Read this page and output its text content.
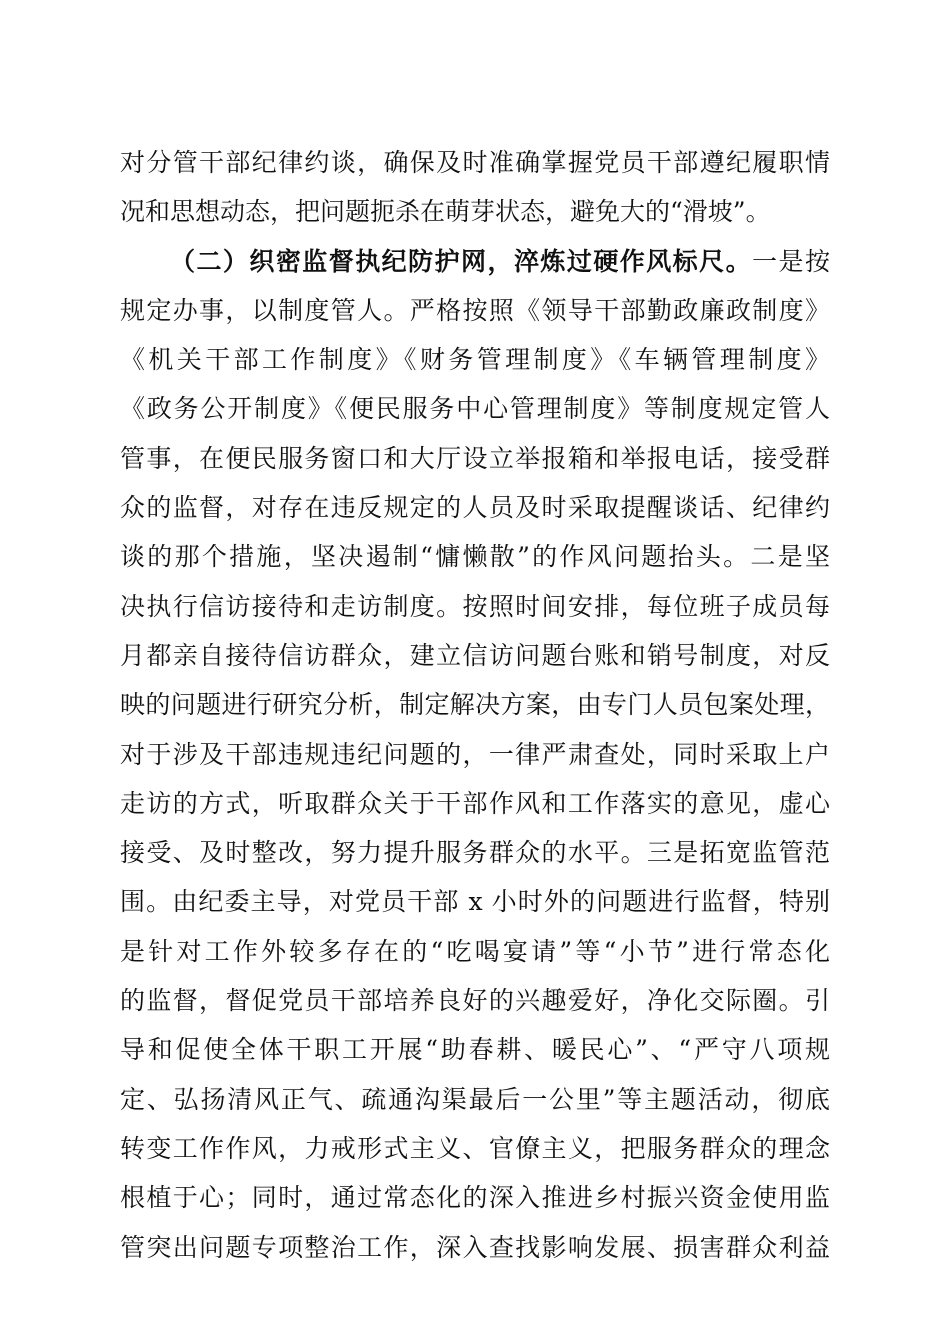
对分管干部纪律约谈，确保及时准确掌握党员干部遵纪履职情
况和思想动态，把问题扼杀在萌芽状态，避免大的“滑坡”。
（二）织密监督执纪防护网，淬炼过硬作风标尺。一是按
规定办事，以制度管人。严格按照《领导干部勤政廉政制度》
《机关干部工作制度》《财务管理制度》《车辆管理制度》
《政务公开制度》《便民服务中心管理制度》等制度规定管人
管事，在便民服务窗口和大厅设立举报箱和举报电话，接受群
众的监督，对存在违反规定的人员及时采取提醒谈话、纪律约
谈的那个措施，坚决遏制“慵懒散”的作风问题抬头。二是坚
决执行信访接待和走访制度。按照时间安排，每位班子成员每
月都亲自接待信访群众，建立信访问题台账和销号制度，对反
映的问题进行研究分析，制定解决方案，由专门人员包案处理，
对于涉及干部违规违纪问题的，一律严肃查处，同时采取上户
走访的方式，听取群众关于干部作风和工作落实的意见，虚心
接受、及时整改，努力提升服务群众的水平。三是拓宽监管范
围。由纪委主导，对党员干部 x 小时外的问题进行监督，特别
是针对工作外较多存在的“吃喝宴请”等“小节”进行常态化
的监督，督促党员干部培养良好的兴趣爱好，净化交际圈。引
导和促使全体干职工开展“助春耕、暖民心”、“严守八项规
定、弘扬清风正气、疏通沟渠最后一公里”等主题活动，彻底
转变工作作风，力戒形式主义、官僚主义，把服务群众的理念
根植于心；同时，通过常态化的深入推进乡村振兴资金使用监
管突出问题专项整治工作，深入查找影响发展、损害群众利益
